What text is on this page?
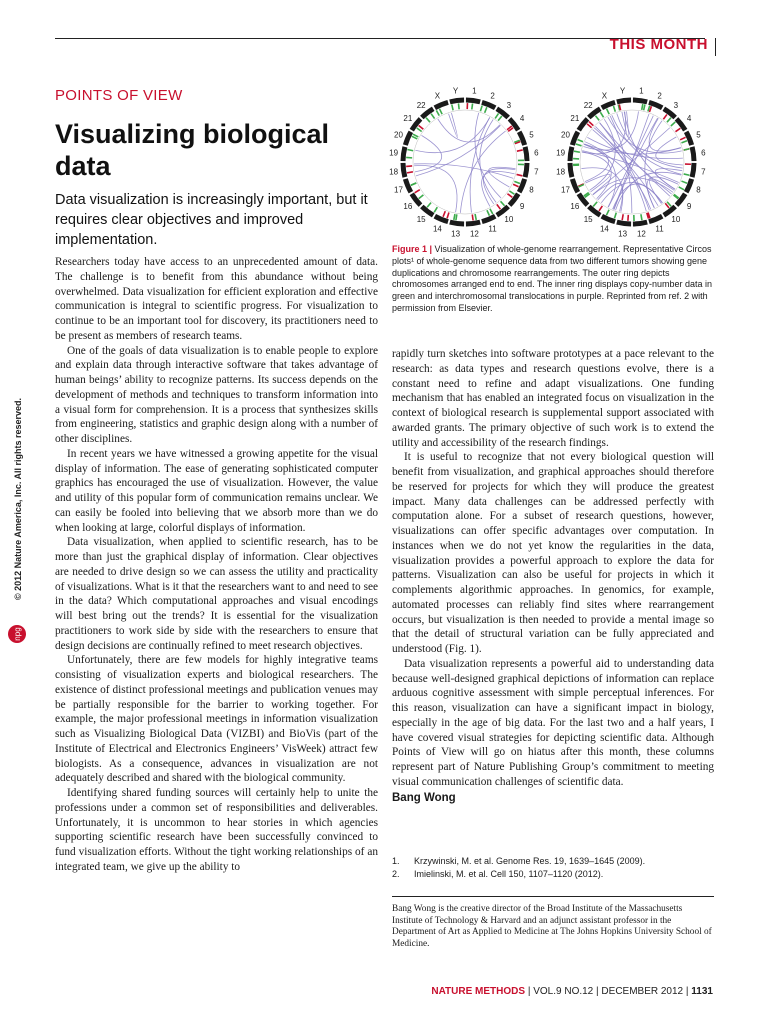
THIS MONTH
POINTS OF VIEW
Visualizing biological data

Data visualization is increasingly important, but it requires clear objectives and improved implementation.

Researchers today have access to an unprecedented amount of data. The challenge is to benefit from this abundance without being overwhelmed. Data visualization for efficient exploration and effective communication is integral to scientific progress. For visualization to continue to be an important tool for discovery, its practitioners need to be present as members of research teams.

One of the goals of data visualization is to enable people to explore and explain data through interactive software that takes advantage of human beings’ ability to recognize patterns. Its success depends on the development of methods and techniques to transform information into a visual form for comprehension. It is a process that synthesizes skills from engineering, statistics and graphic design along with a number of other disciplines.

In recent years we have witnessed a growing appetite for the visual display of information. The ease of generating sophisticated computer graphics has encouraged the use of visualization. However, the value and utility of this popular form of communication remains unclear. We can easily be fooled into believing that we absorb more than we do when looking at large, colorful displays of information.

Data visualization, when applied to scientific research, has to be more than just the graphical display of information. Clear objectives are needed to drive design so we can assess the utility and practicality of visualizations. What is it that the researchers want to and need to see in the data? Which computational approaches and visual encodings will best bring out the trends? It is essential for the visualization practitioners to work side by side with the researchers to ensure that design decisions are continually refined to meet research objectives.

Unfortunately, there are few models for highly integrative teams consisting of visualization experts and biological researchers. The existence of distinct professional meetings and publication venues may be partially responsible for the barrier to working together. For example, the major professional meetings in information visualization such as Visualizing Biological Data (VIZBI) and BioVis (part of the Institute of Electrical and Electronics Engineers’ VisWeek) attract few biologists. As a consequence, advances in visualization are not adequately described and shared with the biological community.

Identifying shared funding sources will certainly help to unite the professions under a common set of responsibilities and deliverables. Unfortunately, it is uncommon to hear stories in which agencies supporting scientific research have been successfully convinced to fund visualization efforts. Without the tight working relationships of an integrated team, we give up the ability to

1
2
3
4
5
6
7
8
9
10
11
12
13
14
15
16
17
18
19
20
21
22
X
Y	1
2
3
4
5
6
7
8
9
10
11
12
13
14
15
16
17
18
19
20
21
22
X
Y
Figure 1 | Visualization of whole-genome rearrangement. Representative Circos plots¹ of whole-genome sequence data from two different tumors showing gene duplications and chromosome rearrangements. The outer ring depicts chromosomes arranged end to end. The inner ring displays copy-number data in green and interchromosomal translocations in purple. Reprinted from ref. 2 with permission from Elsevier.

rapidly turn sketches into software prototypes at a pace relevant to the research: as data types and research questions evolve, there is a constant need to refine and adapt visualizations. One funding mechanism that has enabled an integrated focus on visualization in the context of biological research is supplemental support associated with awarded grants. The primary objective of such work is to extend the utility and accessibility of the research findings.

It is useful to recognize that not every biological question will benefit from visualization, and graphical approaches should therefore be reserved for projects for which they will produce the greatest impact. Many data challenges can be addressed perfectly with computation alone. For a subset of research questions, however, visualizations can offer specific advantages over computation. In instances when we do not yet know the regularities in the data, visualization provides a powerful approach to explore the data for patterns. Visualization can also be useful for projects in which it complements algorithmic approaches. In genomics, for example, automated processes can reliably find sites where rearrangement occurs, but visualization is then needed to provide a mental image so that the detail of structural variation can be fully appreciated and understood (Fig. 1).

Data visualization represents a powerful aid to understanding data because well-designed graphical depictions of information can replace arduous cognitive assessment with simple perceptual inferences. For this reason, visualization can have a significant impact in biology, especially in the age of big data. For the last two and a half years, I have covered visual strategies for depicting scientific data. Although Points of View will go on hiatus after this month, these columns represent part of Nature Publishing Group’s commitment to meeting visual communication challenges of scientific data.

Bang Wong
1.	Krzywinski, M. et al. Genome Res. 19, 1639–1645 (2009).
2.	Imielinski, M. et al. Cell 150, 1107–1120 (2012).
Bang Wong is the creative director of the Broad Institute of the Massachusetts Institute of Technology & Harvard and an adjunct assistant professor in the Department of Art as Applied to Medicine at The Johns Hopkins University School of Medicine.
© 2012 Nature America, Inc. All rights reserved.
npg
NATURE METHODS | VOL.9 NO.12 | DECEMBER 2012 | 1131
